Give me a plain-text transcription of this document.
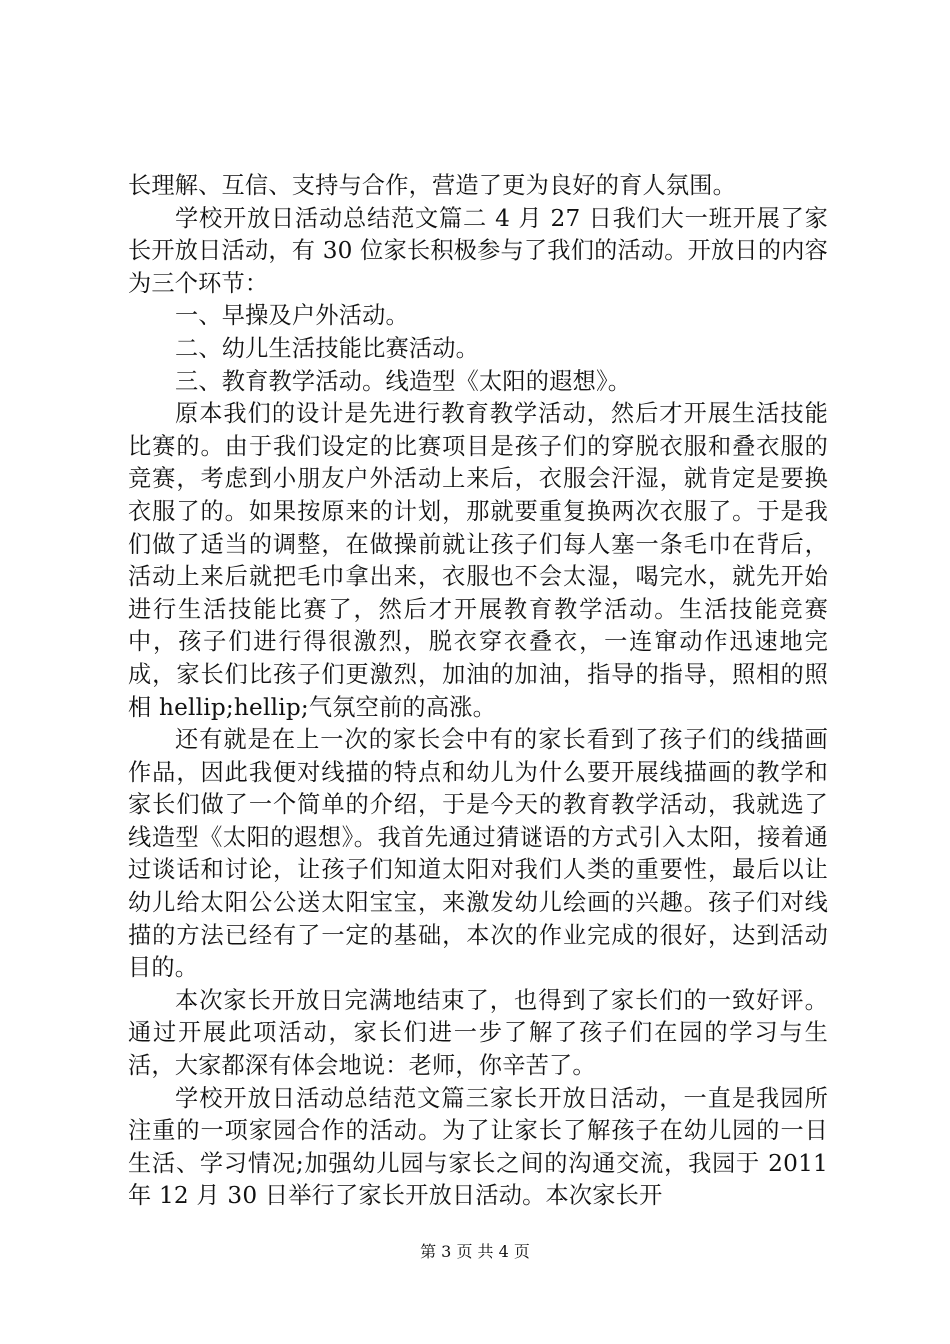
长理解、互信、支持与合作，营造了更为良好的育人氛围。

学校开放日活动总结范文篇二 4 月 27 日我们大一班开展了家长开放日活动，有 30 位家长积极参与了我们的活动。开放日的内容为三个环节：

一、早操及户外活动。

二、幼儿生活技能比赛活动。

三、教育教学活动。线造型《太阳的遐想》。

原本我们的设计是先进行教育教学活动，然后才开展生活技能比赛的。由于我们设定的比赛项目是孩子们的穿脱衣服和叠衣服的竞赛，考虑到小朋友户外活动上来后，衣服会汗湿，就肯定是要换衣服了的。如果按原来的计划，那就要重复换两次衣服了。于是我们做了适当的调整，在做操前就让孩子们每人塞一条毛巾在背后，活动上来后就把毛巾拿出来，衣服也不会太湿，喝完水，就先开始进行生活技能比赛了，然后才开展教育教学活动。生活技能竞赛中，孩子们进行得很激烈，脱衣穿衣叠衣，一连窜动作迅速地完成，家长们比孩子们更激烈，加油的加油，指导的指导，照相的照相 hellip;hellip;气氛空前的高涨。

还有就是在上一次的家长会中有的家长看到了孩子们的线描画作品，因此我便对线描的特点和幼儿为什么要开展线描画的教学和家长们做了一个简单的介绍，于是今天的教育教学活动，我就选了线造型《太阳的遐想》。我首先通过猜谜语的方式引入太阳，接着通过谈话和讨论，让孩子们知道太阳对我们人类的重要性，最后以让幼儿给太阳公公送太阳宝宝，来激发幼儿绘画的兴趣。孩子们对线描的方法已经有了一定的基础，本次的作业完成的很好，达到活动目的。

本次家长开放日完满地结束了，也得到了家长们的一致好评。通过开展此项活动，家长们进一步了解了孩子们在园的学习与生活，大家都深有体会地说：老师，你辛苦了。

学校开放日活动总结范文篇三家长开放日活动，一直是我园所注重的一项家园合作的活动。为了让家长了解孩子在幼儿园的一日生活、学习情况;加强幼儿园与家长之间的沟通交流，我园于 2011 年 12 月 30 日举行了家长开放日活动。本次家长开

第 3 页 共 4 页
